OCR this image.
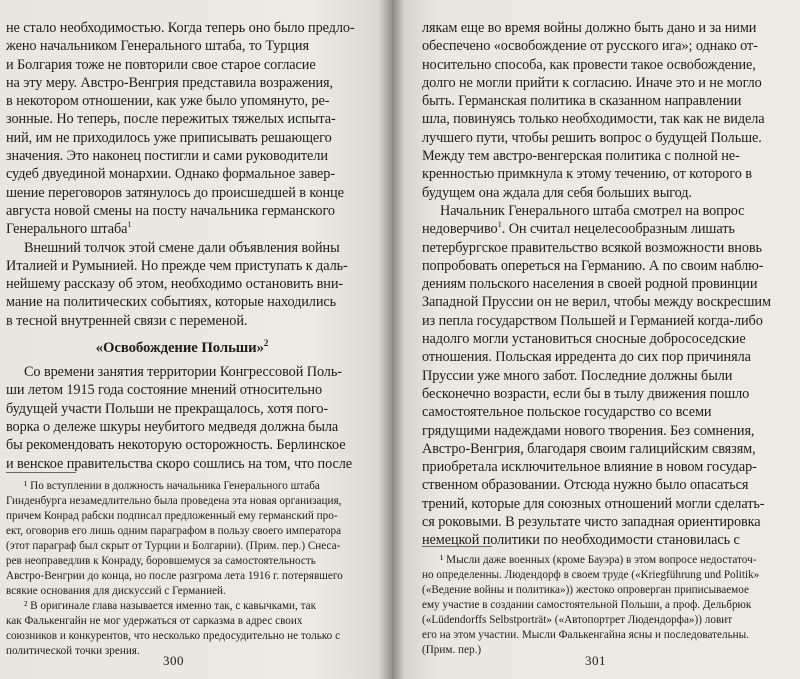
не стало необходимостью. Когда теперь оно было предло-
жено начальником Генерального штаба, то Турция
и Болгария тоже не повторили свое старое согласие
на эту меру. Австро-Венгрия представила возражения,
в некотором отношении, как уже было упомянуто, ре-
зонные. Но теперь, после пережитых тяжелых испыта-
ний, им не приходилось уже приписывать решающего
значения. Это наконец постигли и сами руководители
судеб двуединой монархии. Однако формальное завер-
шение переговоров затянулось до происшедшей в конце
августа новой смены на посту начальника германского
Генерального штаба$^1$
Внешний толчок этой смене дали объявления войны
Италией и Румынией. Но прежде чем приступать к даль-
нейшему рассказу об этом, необходимо остановить вни-
мание на политических событиях, которые находились
в тесной внутренней связи с переменой.
«Освобождение Польши»$^2$
Со времени занятия территории Конгрессовой Поль-
ши летом 1915 года состояние мнений относительно
будущей участи Польши не прекращалось, хотя пого-
ворка о дележе шкуры неубитого медведя должна была
бы рекомендовать некоторую осторожность. Берлинское
и венское правительства скоро сошлись на том, что после
¹ По вступлении в должность начальника Генерального штаба
Гинденбурга незамедлительно была проведена эта новая организация,
причем Конрад рабски подписал предложенный ему германский про-
ект, оговорив его лишь одним параграфом в пользу своего императора
(этот параграф был скрыт от Турции и Болгарии). (Прим. пер.) Снеса-
рев неоправедлив к Конраду, боровшемуся за самостоятельность
Австро-Венгрии до конца, но после разгрома лета 1916 г. потерявшего
всякие основания для дискуссий с Германией.
² В оригинале глава называется именно так, с кавычками, так
как Фалькенгайн не мог удержаться от сарказма в адрес своих
союзников и конкурентов, что несколько предосудительно не только с
политической точки зрения.
300
лякам еще во время войны должно быть дано и за ними
обеспечено «освобождение от русского ига»; однако от-
носительно способа, как провести такое освобождение,
долго не могли прийти к согласию. Иначе это и не могло
быть. Германская политика в сказанном направлении
шла, повинуясь только необходимости, так как не видела
лучшего пути, чтобы решить вопрос о будущей Польше.
Между тем австро-венгерская политика с полной не-
кренностью примкнула к этому течению, от которого в
будущем она ждала для себя больших выгод.
Начальник Генерального штаба смотрел на вопрос
недоверчиво$^1$. Он считал нецелесообразным лишать
петербургское правительство всякой возможности вновь
попробовать опереться на Германию. А по своим наблю-
дениям польского населения в своей родной провинции
Западной Пруссии он не верил, чтобы между воскресшим
из пепла государством Польшей и Германией когда-либо
надолго могли установиться сносные добрососедские
отношения. Польская ирредента до сих пор причиняла
Пруссии уже много забот. Последние должны были
бесконечно возрасти, если бы в тылу движения пошло
самостоятельное польское государство со всеми
грядущими надеждами нового творения. Без сомнения,
Австро-Венгрия, благодаря своим галицийским связям,
приобретала исключительное влияние в новом государ-
ственном образовании. Отсюда нужно было опасаться
трений, которые для союзных отношений могли сделать-
ся роковыми. В результате чисто западная ориентировка
немецкой политики по необходимости становилась с
¹ Мысли даже военных (кроме Бауэра) в этом вопросе недостаточ-
но определенны. Людендорф в своем труде («Kriegführung und Politik»
(«Ведение войны и политика»)) жестоко опроверган приписываемое
ему участие в создании самостоятельной Польши, а проф. Дельбрюк
(«Lüdendorffs Selbstporträt» («Автопортрет Людендорфа»)) ловит
его на этом участии. Мысли Фалькенгайна ясны и последовательны.
(Прим. пер.)
301
